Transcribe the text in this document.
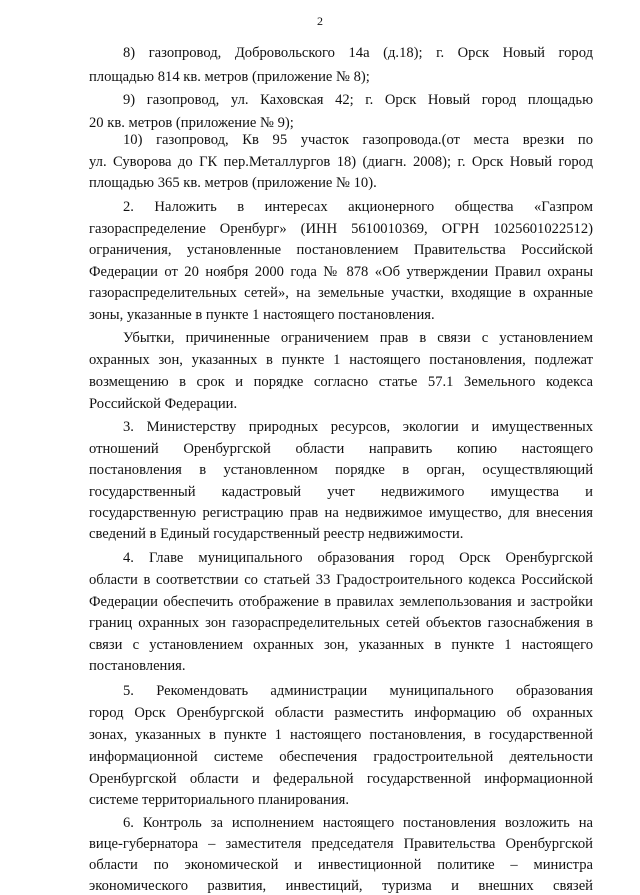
2
8) газопровод, Добровольского 14а (д.18); г. Орск Новый город
площадью 814 кв. метров (приложение № 8);
9) газопровод, ул. Каховская 42; г. Орск Новый город площадью
20 кв. метров (приложение № 9);
10) газопровод, Кв 95 участок газопровода.(от места врезки по
ул. Суворова до ГК пер.Металлургов 18) (диагн. 2008); г. Орск Новый город
площадью 365 кв. метров (приложение № 10).
2. Наложить в интересах акционерного общества «Газпром
газораспределение Оренбург» (ИНН 5610010369, ОГРН 1025601022512)
ограничения, установленные постановлением Правительства Российской
Федерации от 20 ноября 2000 года № 878 «Об утверждении Правил охраны
газораспределительных сетей», на земельные участки, входящие в охранные
зоны, указанные в пункте 1 настоящего постановления.
Убытки, причиненные ограничением прав в связи с установлением
охранных зон, указанных в пункте 1 настоящего постановления, подлежат
возмещению в срок и порядке согласно статье 57.1 Земельного кодекса
Российской Федерации.
3. Министерству природных ресурсов, экологии и имущественных
отношений Оренбургской области направить копию настоящего
постановления в установленном порядке в орган, осуществляющий
государственный кадастровый учет недвижимого имущества и
государственную регистрацию прав на недвижимое имущество, для внесения
сведений в Единый государственный реестр недвижимости.
4. Главе муниципального образования город Орск Оренбургской
области в соответствии со статьей 33 Градостроительного кодекса Российской
Федерации обеспечить отображение в правилах землепользования и застройки
границ охранных зон газораспределительных сетей объектов газоснабжения в
связи с установлением охранных зон, указанных в пункте 1 настоящего
постановления.
5. Рекомендовать администрации муниципального образования
город Орск Оренбургской области разместить информацию об охранных
зонах, указанных в пункте 1 настоящего постановления, в государственной
информационной системе обеспечения градостроительной деятельности
Оренбургской области и федеральной государственной информационной
системе территориального планирования.
6. Контроль за исполнением настоящего постановления возложить на
вице-губернатора – заместителя председателя Правительства Оренбургской
области по экономической и инвестиционной политике – министра
экономического развития, инвестиций, туризма и внешних связей
